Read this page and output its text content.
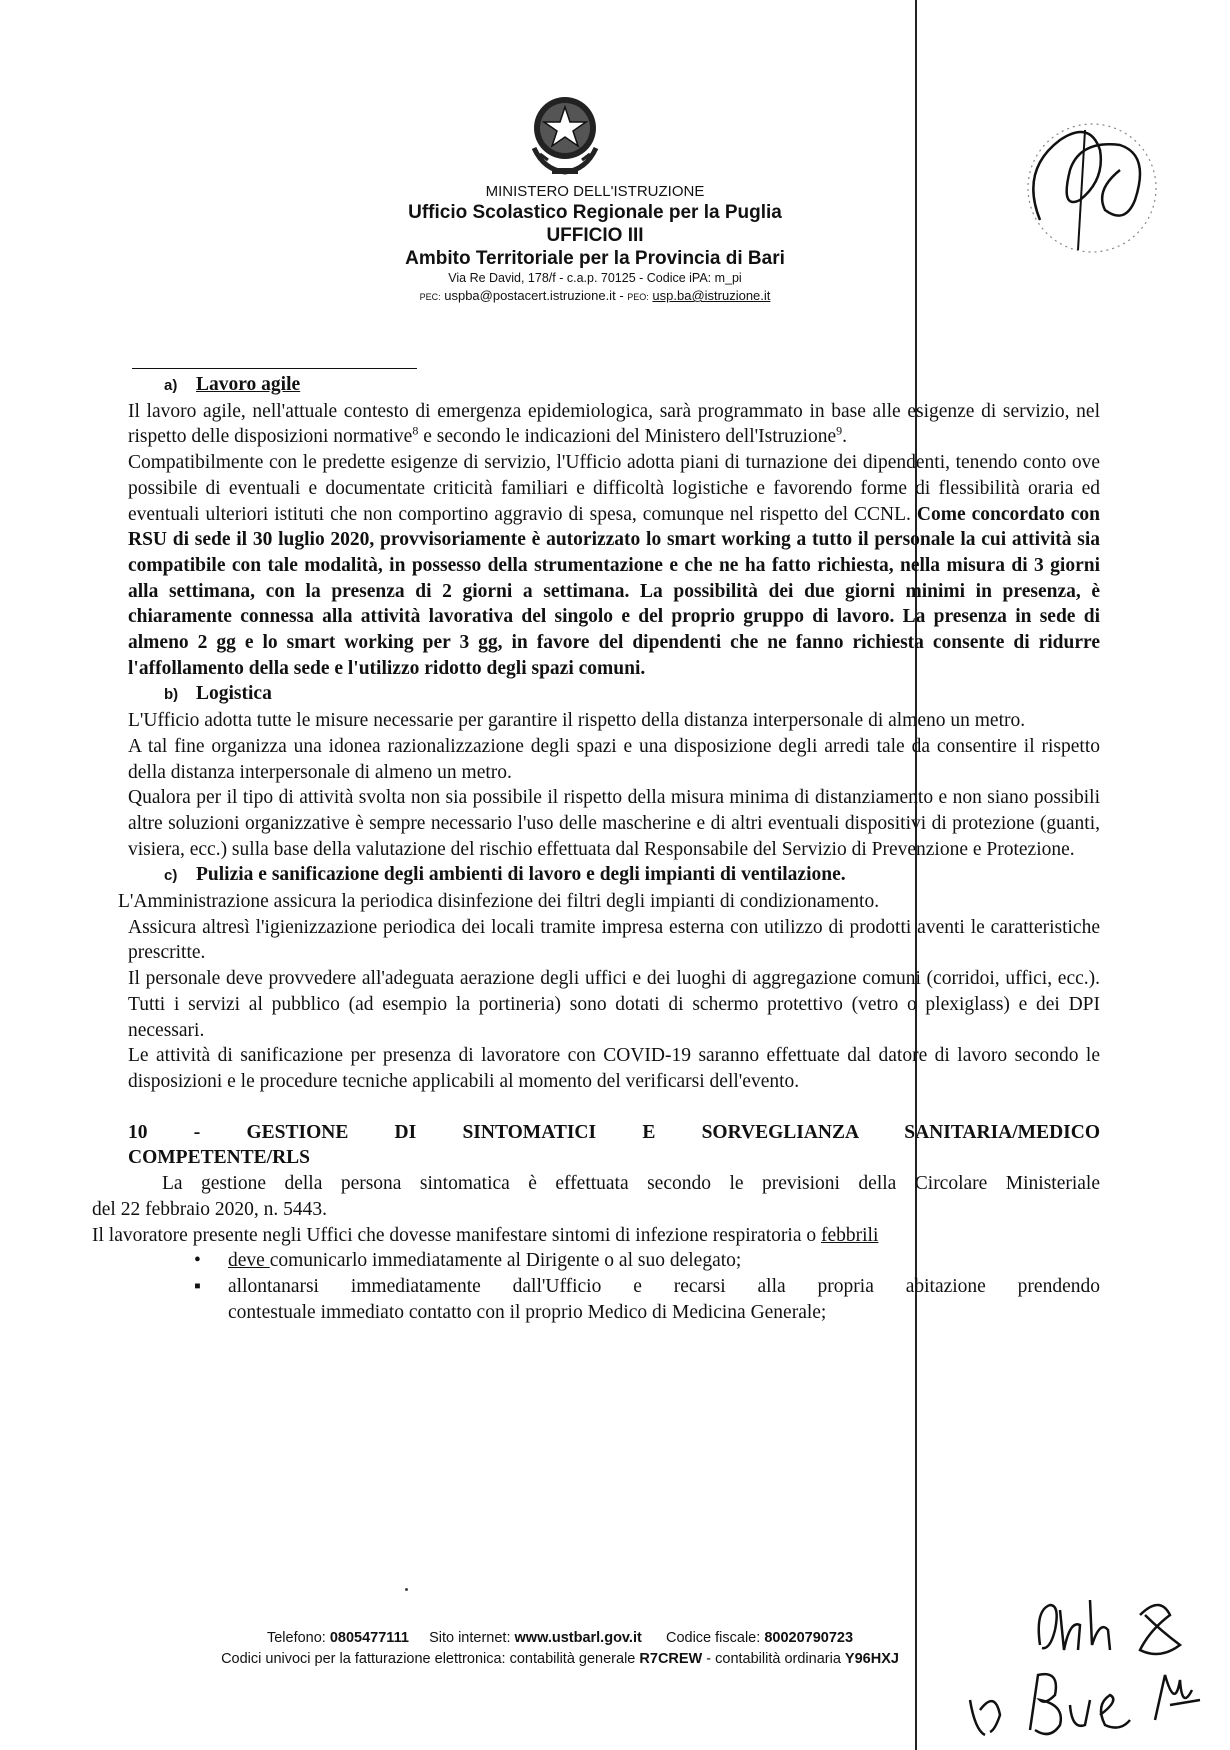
MINISTERO DELL'ISTRUZIONE
Ufficio Scolastico Regionale per la Puglia
UFFICIO III
Ambito Territoriale per la Provincia di Bari
Via Re David, 178/f - c.a.p. 70125 - Codice iPA: m_pi
PEC: uspba@postacert.istruzione.it - PEO: usp.ba@istruzione.it

a) Lavoro agile

Il lavoro agile, nell'attuale contesto di emergenza epidemiologica, sarà programmato in base alle esigenze di servizio, nel rispetto delle disposizioni normative$^8$ e secondo le indicazioni del Ministero dell'Istruzione$^9$.

Compatibilmente con le predette esigenze di servizio, l'Ufficio adotta piani di turnazione dei dipendenti, tenendo conto ove possibile di eventuali e documentate criticità familiari e difficoltà logistiche e favorendo forme di flessibilità oraria ed eventuali ulteriori istituti che non comportino aggravio di spesa, comunque nel rispetto del CCNL. Come concordato con RSU di sede il 30 luglio 2020, provvisoriamente è autorizzato lo smart working a tutto il personale la cui attività sia compatibile con tale modalità, in possesso della strumentazione e che ne ha fatto richiesta, nella misura di 3 giorni alla settimana, con la presenza di 2 giorni a settimana. La possibilità dei due giorni minimi in presenza, è chiaramente connessa alla attività lavorativa del singolo e del proprio gruppo di lavoro. La presenza in sede di almeno 2 gg e lo smart working per 3 gg, in favore del dipendenti che ne fanno richiesta consente di ridurre l'affollamento della sede e l'utilizzo ridotto degli spazi comuni.

b) Logistica

L'Ufficio adotta tutte le misure necessarie per garantire il rispetto della distanza interpersonale di almeno un metro.

A tal fine organizza una idonea razionalizzazione degli spazi e una disposizione degli arredi tale da consentire il rispetto della distanza interpersonale di almeno un metro.

Qualora per il tipo di attività svolta non sia possibile il rispetto della misura minima di distanziamento e non siano possibili altre soluzioni organizzative è sempre necessario l'uso delle mascherine e di altri eventuali dispositivi di protezione (guanti, visiera, ecc.) sulla base della valutazione del rischio effettuata dal Responsabile del Servizio di Prevenzione e Protezione.

c) Pulizia e sanificazione degli ambienti di lavoro e degli impianti di ventilazione.

L'Amministrazione assicura la periodica disinfezione dei filtri degli impianti di condizionamento.

Assicura altresì l'igienizzazione periodica dei locali tramite impresa esterna con utilizzo di prodotti aventi le caratteristiche prescritte.

Il personale deve provvedere all'adeguata aerazione degli uffici e dei luoghi di aggregazione comuni (corridoi, uffici, ecc.). Tutti i servizi al pubblico (ad esempio la portineria) sono dotati di schermo protettivo (vetro o plexiglass) e dei DPI necessari.

Le attività di sanificazione per presenza di lavoratore con COVID-19 saranno effettuate dal datore di lavoro secondo le disposizioni e le procedure tecniche applicabili al momento del verificarsi dell'evento.

10 - GESTIONE DI SINTOMATICI E SORVEGLIANZA SANITARIA/MEDICO

COMPETENTE/RLS

La gestione della persona sintomatica è effettuata secondo le previsioni della Circolare Ministeriale

del 22 febbraio 2020, n. 5443.

Il lavoratore presente negli Uffici che dovesse manifestare sintomi di infezione respiratoria o febbrili

• deve comunicarlo immediatamente al Dirigente o al suo delegato;

▪ allontanarsi immediatamente dall'Ufficio e recarsi alla propria abitazione prendendo
contestuale immediato contatto con il proprio Medico di Medicina Generale;

Telefono: 0805477111 Sito internet: www.ustbarl.gov.it Codice fiscale: 80020790723
Codici univoci per la fatturazione elettronica: contabilità generale R7CREW - contabilità ordinaria Y96HXJ
